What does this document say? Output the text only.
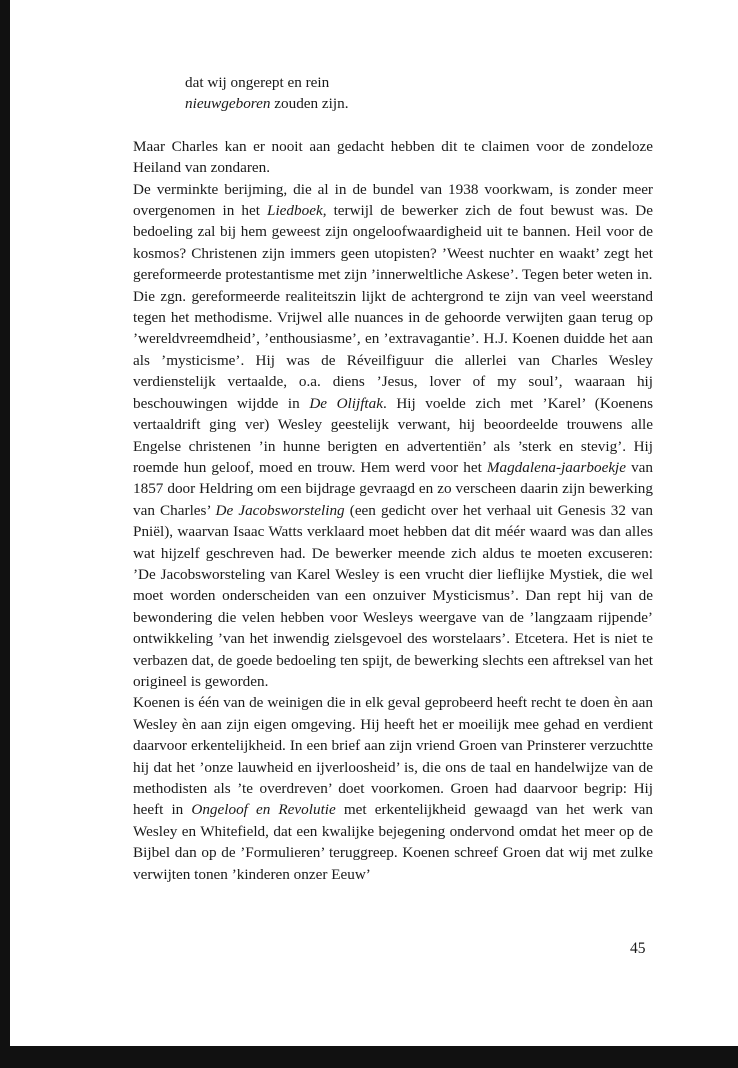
dat wij ongerept en rein
nieuwgeboren zouden zijn.
Maar Charles kan er nooit aan gedacht hebben dit te claimen voor de zondeloze Heiland van zondaren.
De verminkte berijming, die al in de bundel van 1938 voorkwam, is zonder meer overgenomen in het Liedboek, terwijl de bewerker zich de fout bewust was. De bedoeling zal bij hem geweest zijn ongeloofwaardigheid uit te bannen. Heil voor de kosmos? Christenen zijn immers geen utopisten? ’Weest nuchter en waakt’ zegt het gereformeerde protestantisme met zijn ’innerweltliche Askese’. Tegen beter weten in.
Die zgn. gereformeerde realiteitszin lijkt de achtergrond te zijn van veel weerstand tegen het methodisme. Vrijwel alle nuances in de gehoorde verwijten gaan terug op ’wereldvreemdheid’, ’enthousiasme’, en ’extravagantie’. H.J. Koenen duidde het aan als ’mysticisme’. Hij was de Réveilfiguur die allerlei van Charles Wesley verdienstelijk vertaalde, o.a. diens ’Jesus, lover of my soul’, waaraan hij beschouwingen wijdde in De Olijftak. Hij voelde zich met ’Karel’ (Koenens vertaaldrift ging ver) Wesley geestelijk verwant, hij beoordeelde trouwens alle Engelse christenen ’in hunne berigten en advertentiën’ als ’sterk en stevig’. Hij roemde hun geloof, moed en trouw. Hem werd voor het Magdalena-jaarboekje van 1857 door Heldring om een bijdrage gevraagd en zo verscheen daarin zijn bewerking van Charles’ De Jacobsworsteling (een gedicht over het verhaal uit Genesis 32 van Pniël), waarvan Isaac Watts verklaard moet hebben dat dit méér waard was dan alles wat hijzelf geschreven had. De bewerker meende zich aldus te moeten excuseren: ’De Jacobsworsteling van Karel Wesley is een vrucht dier lieflijke Mystiek, die wel moet worden onderscheiden van een onzuiver Mysticismus’. Dan rept hij van de bewondering die velen hebben voor Wesleys weergave van de ’langzaam rijpende’ ontwikkeling ’van het inwendig zielsgevoel des worstelaars’. Etcetera. Het is niet te verbazen dat, de goede bedoeling ten spijt, de bewerking slechts een aftreksel van het origineel is geworden.
Koenen is één van de weinigen die in elk geval geprobeerd heeft recht te doen èn aan Wesley èn aan zijn eigen omgeving. Hij heeft het er moeilijk mee gehad en verdient daarvoor erkentelijkheid. In een brief aan zijn vriend Groen van Prinsterer verzuchtte hij dat het ’onze lauwheid en ijverloosheid’ is, die ons de taal en handelwijze van de methodisten als ’te overdreven’ doet voorkomen. Groen had daarvoor begrip: Hij heeft in Ongeloof en Revolutie met erkentelijkheid gewaagd van het werk van Wesley en Whitefield, dat een kwalijke bejegening ondervond omdat het meer op de Bijbel dan op de ’Formulieren’ teruggreep. Koenen schreef Groen dat wij met zulke verwijten tonen ’kinderen onzer Eeuw’
45
